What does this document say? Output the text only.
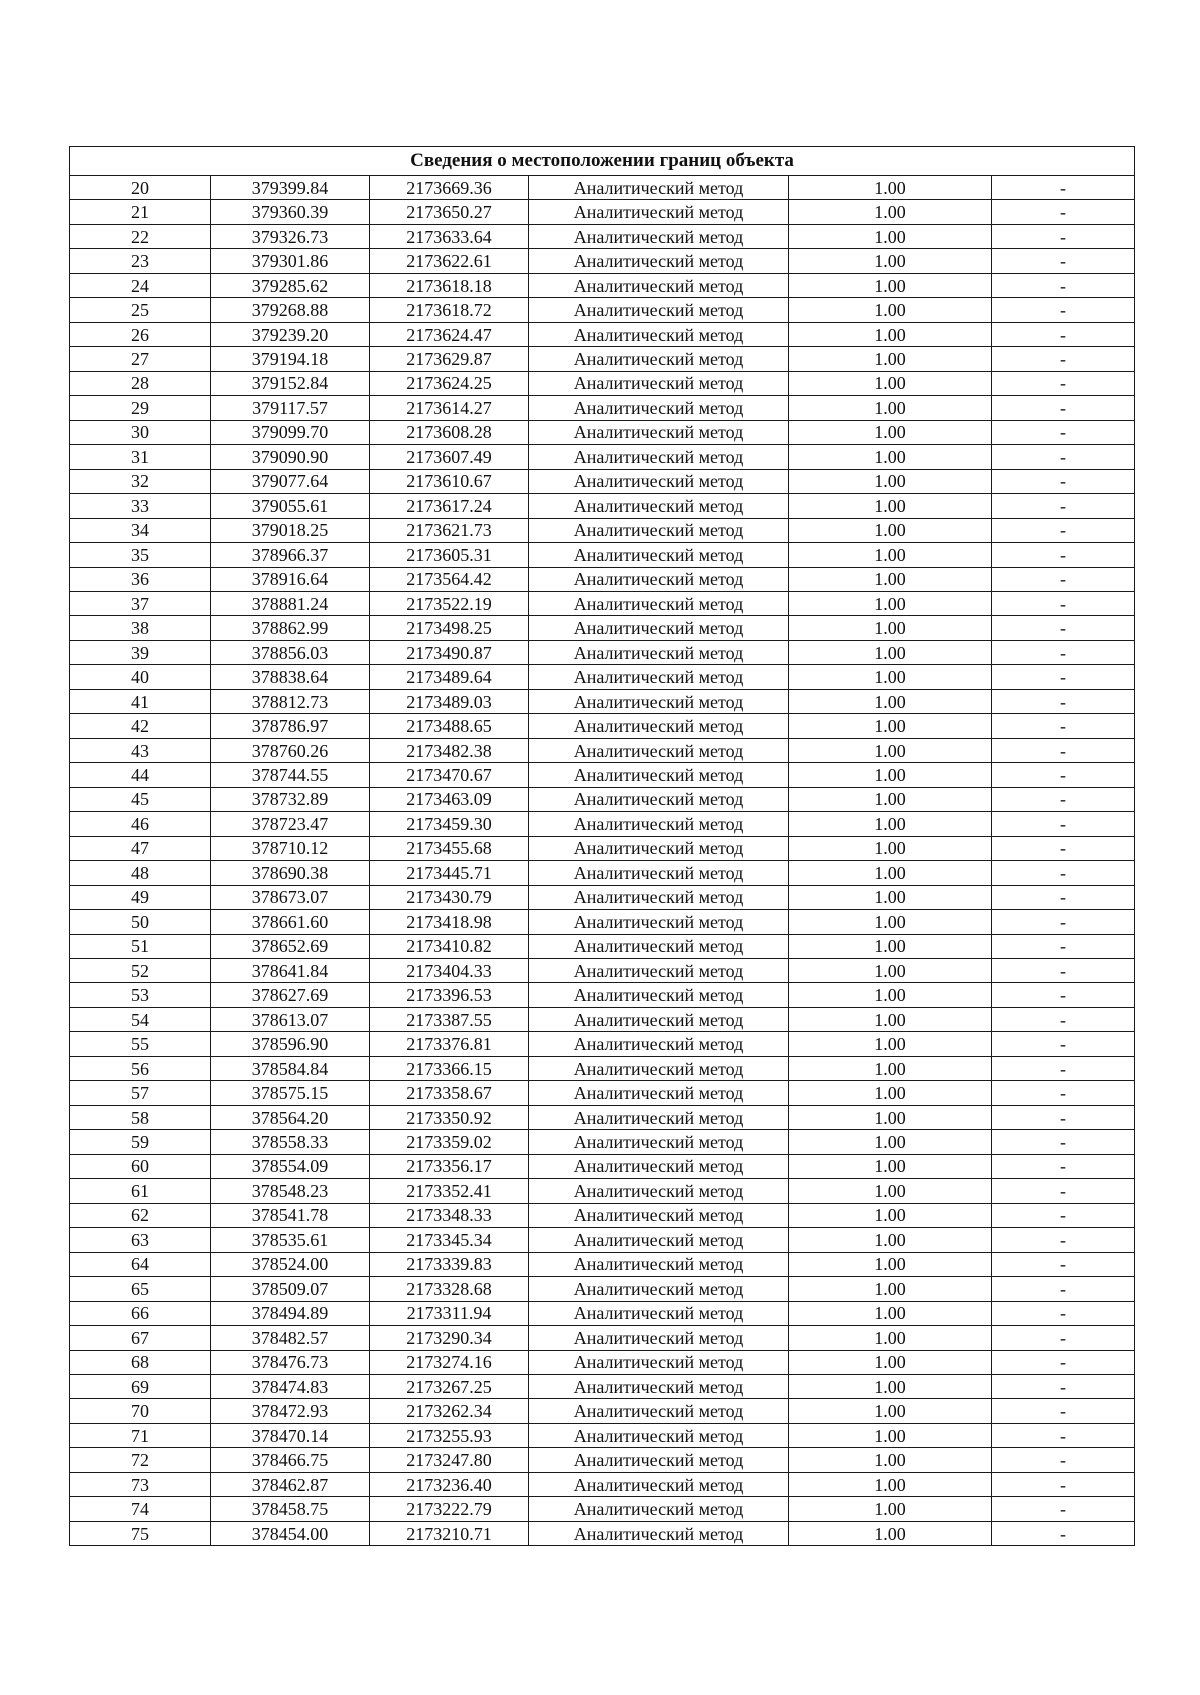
Сведения о местоположении границ объекта					
20	379399.84	2173669.36	Аналитический метод	1.00	-
21	379360.39	2173650.27	Аналитический метод	1.00	-
22	379326.73	2173633.64	Аналитический метод	1.00	-
23	379301.86	2173622.61	Аналитический метод	1.00	-
24	379285.62	2173618.18	Аналитический метод	1.00	-
25	379268.88	2173618.72	Аналитический метод	1.00	-
26	379239.20	2173624.47	Аналитический метод	1.00	-
27	379194.18	2173629.87	Аналитический метод	1.00	-
28	379152.84	2173624.25	Аналитический метод	1.00	-
29	379117.57	2173614.27	Аналитический метод	1.00	-
30	379099.70	2173608.28	Аналитический метод	1.00	-
31	379090.90	2173607.49	Аналитический метод	1.00	-
32	379077.64	2173610.67	Аналитический метод	1.00	-
33	379055.61	2173617.24	Аналитический метод	1.00	-
34	379018.25	2173621.73	Аналитический метод	1.00	-
35	378966.37	2173605.31	Аналитический метод	1.00	-
36	378916.64	2173564.42	Аналитический метод	1.00	-
37	378881.24	2173522.19	Аналитический метод	1.00	-
38	378862.99	2173498.25	Аналитический метод	1.00	-
39	378856.03	2173490.87	Аналитический метод	1.00	-
40	378838.64	2173489.64	Аналитический метод	1.00	-
41	378812.73	2173489.03	Аналитический метод	1.00	-
42	378786.97	2173488.65	Аналитический метод	1.00	-
43	378760.26	2173482.38	Аналитический метод	1.00	-
44	378744.55	2173470.67	Аналитический метод	1.00	-
45	378732.89	2173463.09	Аналитический метод	1.00	-
46	378723.47	2173459.30	Аналитический метод	1.00	-
47	378710.12	2173455.68	Аналитический метод	1.00	-
48	378690.38	2173445.71	Аналитический метод	1.00	-
49	378673.07	2173430.79	Аналитический метод	1.00	-
50	378661.60	2173418.98	Аналитический метод	1.00	-
51	378652.69	2173410.82	Аналитический метод	1.00	-
52	378641.84	2173404.33	Аналитический метод	1.00	-
53	378627.69	2173396.53	Аналитический метод	1.00	-
54	378613.07	2173387.55	Аналитический метод	1.00	-
55	378596.90	2173376.81	Аналитический метод	1.00	-
56	378584.84	2173366.15	Аналитический метод	1.00	-
57	378575.15	2173358.67	Аналитический метод	1.00	-
58	378564.20	2173350.92	Аналитический метод	1.00	-
59	378558.33	2173359.02	Аналитический метод	1.00	-
60	378554.09	2173356.17	Аналитический метод	1.00	-
61	378548.23	2173352.41	Аналитический метод	1.00	-
62	378541.78	2173348.33	Аналитический метод	1.00	-
63	378535.61	2173345.34	Аналитический метод	1.00	-
64	378524.00	2173339.83	Аналитический метод	1.00	-
65	378509.07	2173328.68	Аналитический метод	1.00	-
66	378494.89	2173311.94	Аналитический метод	1.00	-
67	378482.57	2173290.34	Аналитический метод	1.00	-
68	378476.73	2173274.16	Аналитический метод	1.00	-
69	378474.83	2173267.25	Аналитический метод	1.00	-
70	378472.93	2173262.34	Аналитический метод	1.00	-
71	378470.14	2173255.93	Аналитический метод	1.00	-
72	378466.75	2173247.80	Аналитический метод	1.00	-
73	378462.87	2173236.40	Аналитический метод	1.00	-
74	378458.75	2173222.79	Аналитический метод	1.00	-
75	378454.00	2173210.71	Аналитический метод	1.00	-
